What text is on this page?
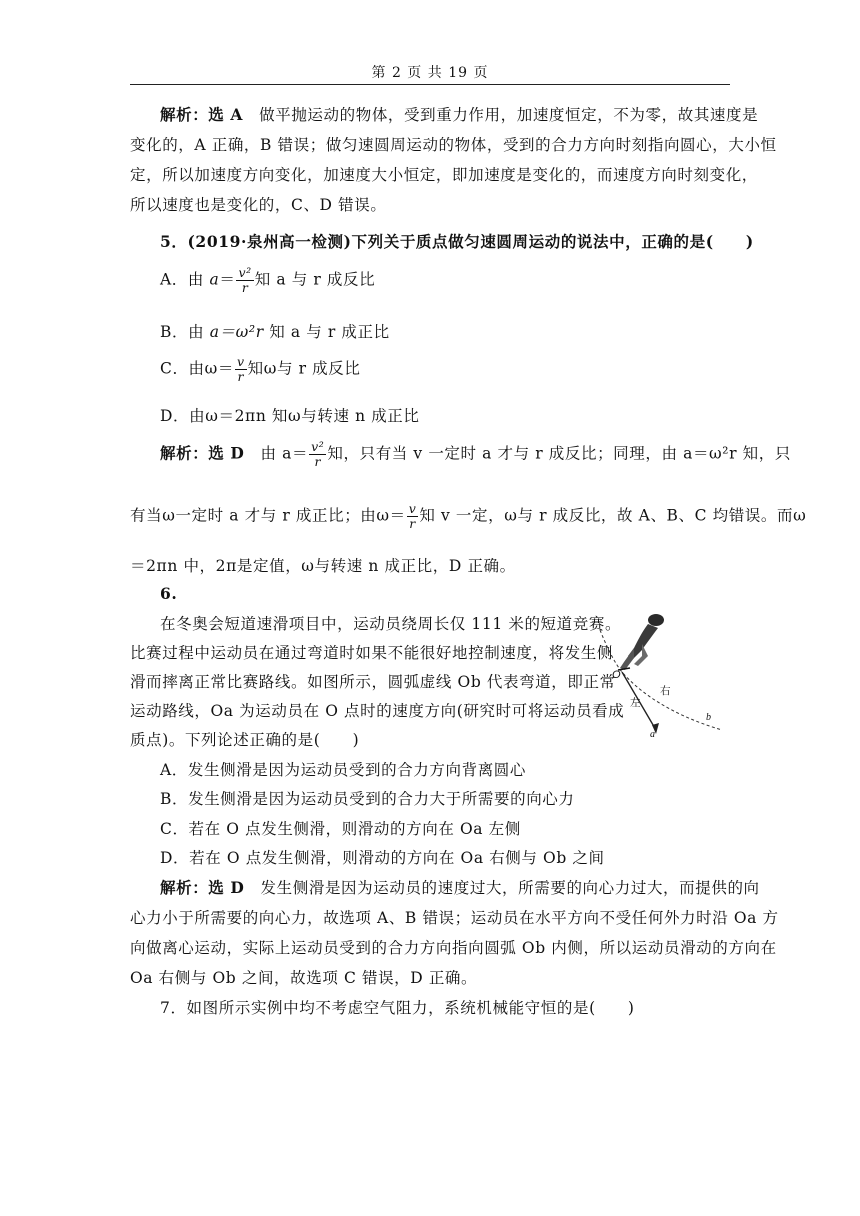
第 2 页 共 19 页
解析：选 A　做平抛运动的物体，受到重力作用，加速度恒定，不为零，故其速度是
变化的，A 正确，B 错误；做匀速圆周运动的物体，受到的合力方向时刻指向圆心，大小恒
定，所以加速度方向变化，加速度大小恒定，即加速度是变化的，而速度方向时刻变化，
所以速度也是变化的，C、D 错误。
5．(2019·泉州高一检测)下列关于质点做匀速圆周运动的说法中，正确的是(　　)
A．由 $a= \frac{\text{v²}}{r}$ 知 a 与 r 成反比
B．由 a＝ω²r 知 a 与 r 成正比
C．由$\omega= \frac{v}{r}$ 知ω与 r 成反比
D．由ω＝2πn 知ω与转速 n 成正比
解析：选 D　由 $a= \frac{\text{v²}}{r}$ 知，只有当 v 一定时 a 才与 r 成反比；同理，由 a＝ω²r 知，只
有当ω一定时 a 才与 r 成正比；由$\omega= \frac{v}{r}$ 知 v 一定，ω与 r 成反比，故 A、B、C 均错误。而ω
＝2πn 中，2π是定值，ω与转速 n 成正比，D 正确。
6.
在冬奥会短道速滑项目中，运动员绕周长仅 111 米的短道竞赛。
比赛过程中运动员在通过弯道时如果不能很好地控制速度，将发生侧
滑而摔离正常比赛路线。如图所示，圆弧虚线 Ob 代表弯道，即正常
运动路线，Oa 为运动员在 O 点时的速度方向(研究时可将运动员看成
质点)。下列论述正确的是(　　)
O
左
右
a
b
A．发生侧滑是因为运动员受到的合力方向背离圆心
B．发生侧滑是因为运动员受到的合力大于所需要的向心力
C．若在 O 点发生侧滑，则滑动的方向在 Oa 左侧
D．若在 O 点发生侧滑，则滑动的方向在 Oa 右侧与 Ob 之间
解析：选 D　发生侧滑是因为运动员的速度过大，所需要的向心力过大，而提供的向
心力小于所需要的向心力，故选项 A、B 错误；运动员在水平方向不受任何外力时沿 Oa 方
向做离心运动，实际上运动员受到的合力方向指向圆弧 Ob 内侧，所以运动员滑动的方向在
Oa 右侧与 Ob 之间，故选项 C 错误，D 正确。
7．如图所示实例中均不考虑空气阻力，系统机械能守恒的是(　　)
